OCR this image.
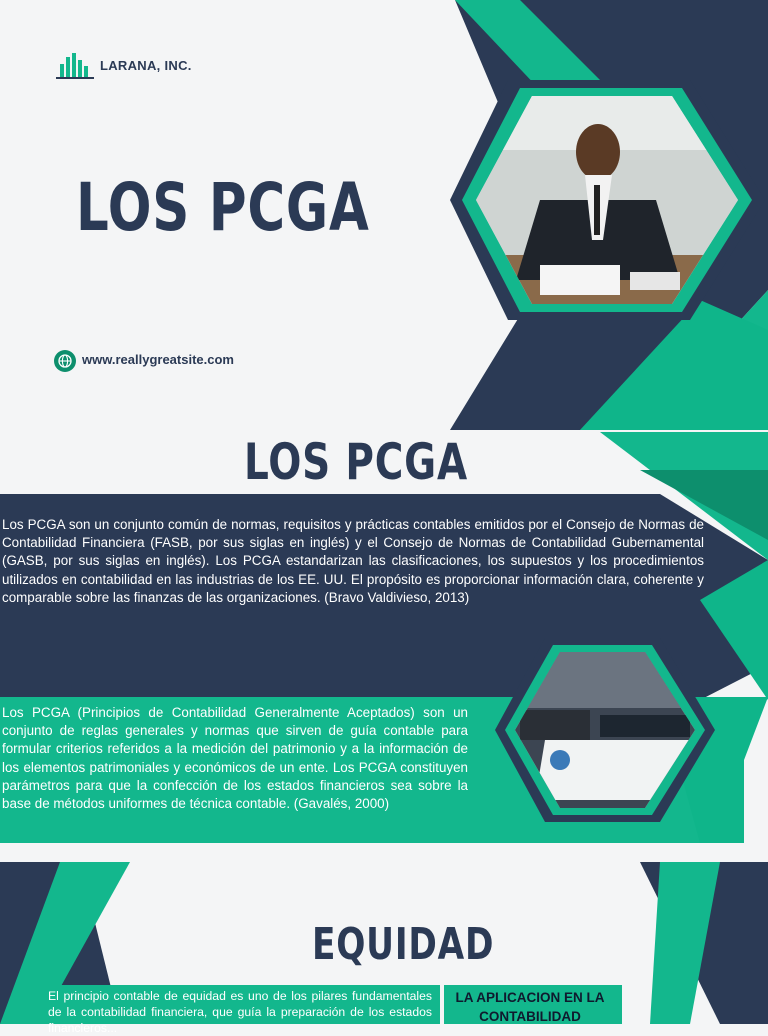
LARANA, INC.
LOS PCGA
www.reallygreatsite.com
LOS PCGA
Los PCGA son un conjunto común de normas, requisitos y prácticas contables emitidos por el Consejo de Normas de Contabilidad Financiera (FASB, por sus siglas en inglés) y el Consejo de Normas de Contabilidad Gubernamental (GASB, por sus siglas en inglés). Los PCGA estandarizan las clasificaciones, los supuestos y los procedimientos utilizados en contabilidad en las industrias de los EE. UU. El propósito es proporcionar información clara, coherente y comparable sobre las finanzas de las organizaciones. (Bravo Valdivieso, 2013)
Los PCGA (Principios de Contabilidad Generalmente Aceptados) son un conjunto de reglas generales y normas que sirven de guía contable para formular criterios referidos a la medición del patrimonio y a la información de los elementos patrimoniales y económicos de un ente. Los PCGA constituyen parámetros para que la confección de los estados financieros sea sobre la base de métodos uniformes de técnica contable. (Gavalés, 2000)
EQUIDAD
El principio contable de equidad es uno de los pilares fundamentales de la contabilidad financiera, que guía la preparación de los estados financieros...
LA APLICACION EN LA CONTABILIDAD
